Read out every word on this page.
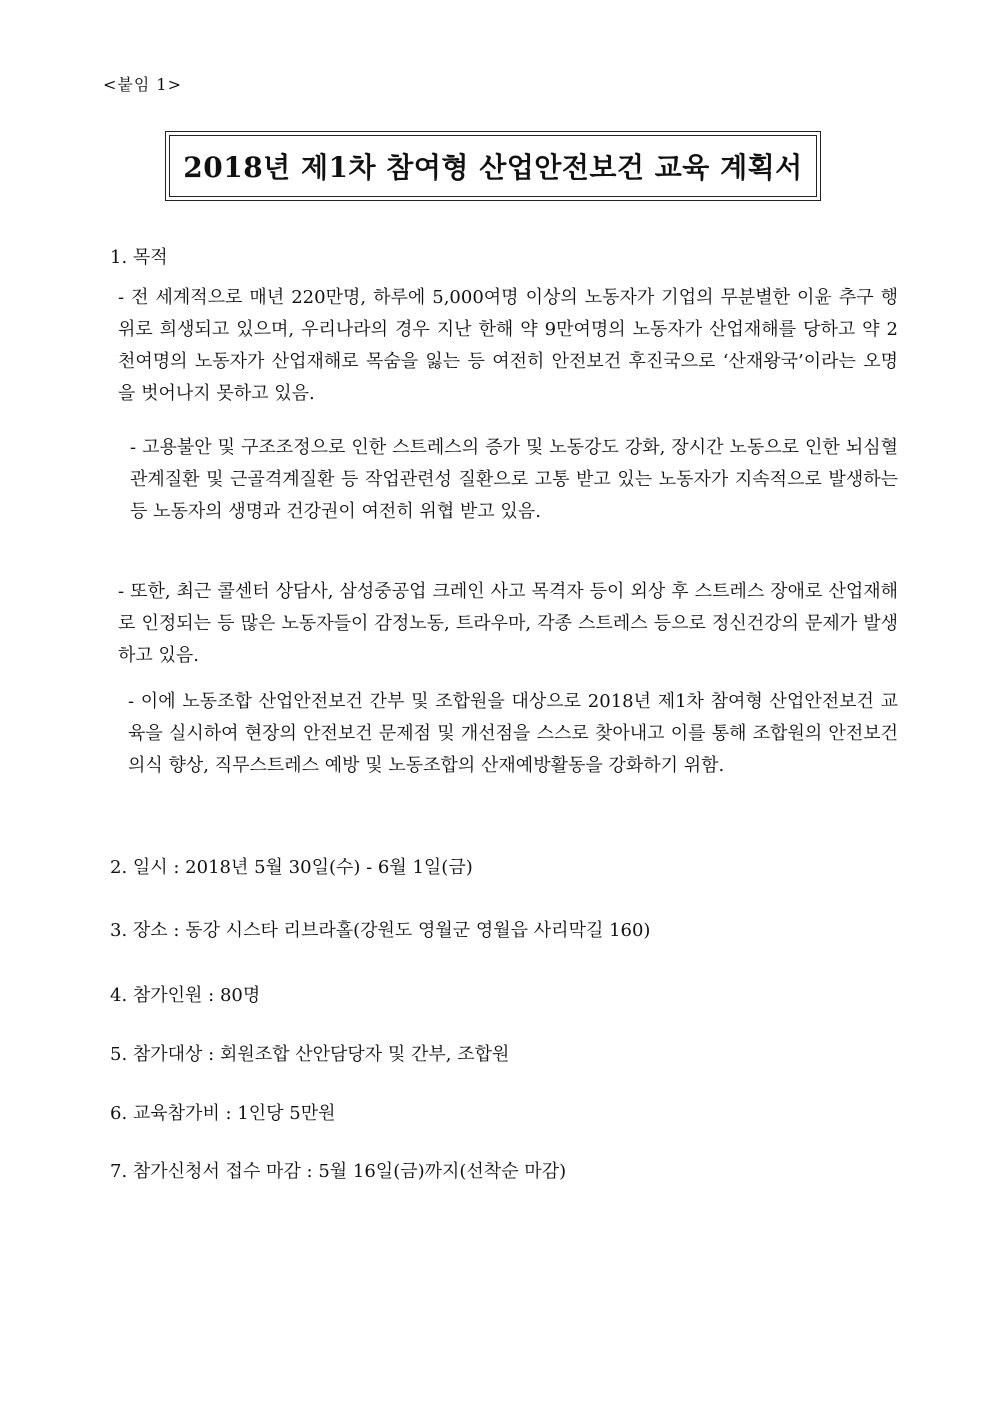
<붙임 1>
2018년 제1차 참여형 산업안전보건 교육 계획서
1. 목적

- 전 세계적으로 매년 220만명, 하루에 5,000여명 이상의 노동자가 기업의 무분별한 이윤 추구 행위로 희생되고 있으며, 우리나라의 경우 지난 한해 약 9만여명의 노동자가 산업재해를 당하고 약 2천여명의 노동자가 산업재해로 목숨을 잃는 등 여전히 안전보건 후진국으로 ‘산재왕국’이라는 오명을 벗어나지 못하고 있음.

- 고용불안 및 구조조정으로 인한 스트레스의 증가 및 노동강도 강화, 장시간 노동으로 인한 뇌심혈관계질환 및 근골격계질환 등 작업관련성 질환으로 고통 받고 있는 노동자가 지속적으로 발생하는등 노동자의 생명과 건강권이 여전히 위협 받고 있음.

- 또한, 최근 콜센터 상담사, 삼성중공업 크레인 사고 목격자 등이 외상 후 스트레스 장애로 산업재해로 인정되는 등 많은 노동자들이 감정노동, 트라우마, 각종 스트레스 등으로 정신건강의 문제가 발생하고 있음.

- 이에 노동조합 산업안전보건 간부 및 조합원을 대상으로 2018년 제1차 참여형 산업안전보건 교육을 실시하여 현장의 안전보건 문제점 및 개선점을 스스로 찾아내고 이를 통해 조합원의 안전보건 의식 향상, 직무스트레스 예방 및 노동조합의 산재예방활동을 강화하기 위함.

2. 일시 : 2018년 5월 30일(수) - 6월 1일(금)
3. 장소 : 동강 시스타 리브라홀(강원도 영월군 영월읍 사리막길 160)
4. 참가인원 : 80명
5. 참가대상 : 회원조합 산안담당자 및 간부, 조합원
6. 교육참가비 : 1인당 5만원
7. 참가신청서 접수 마감 : 5월 16일(금)까지(선착순 마감)
